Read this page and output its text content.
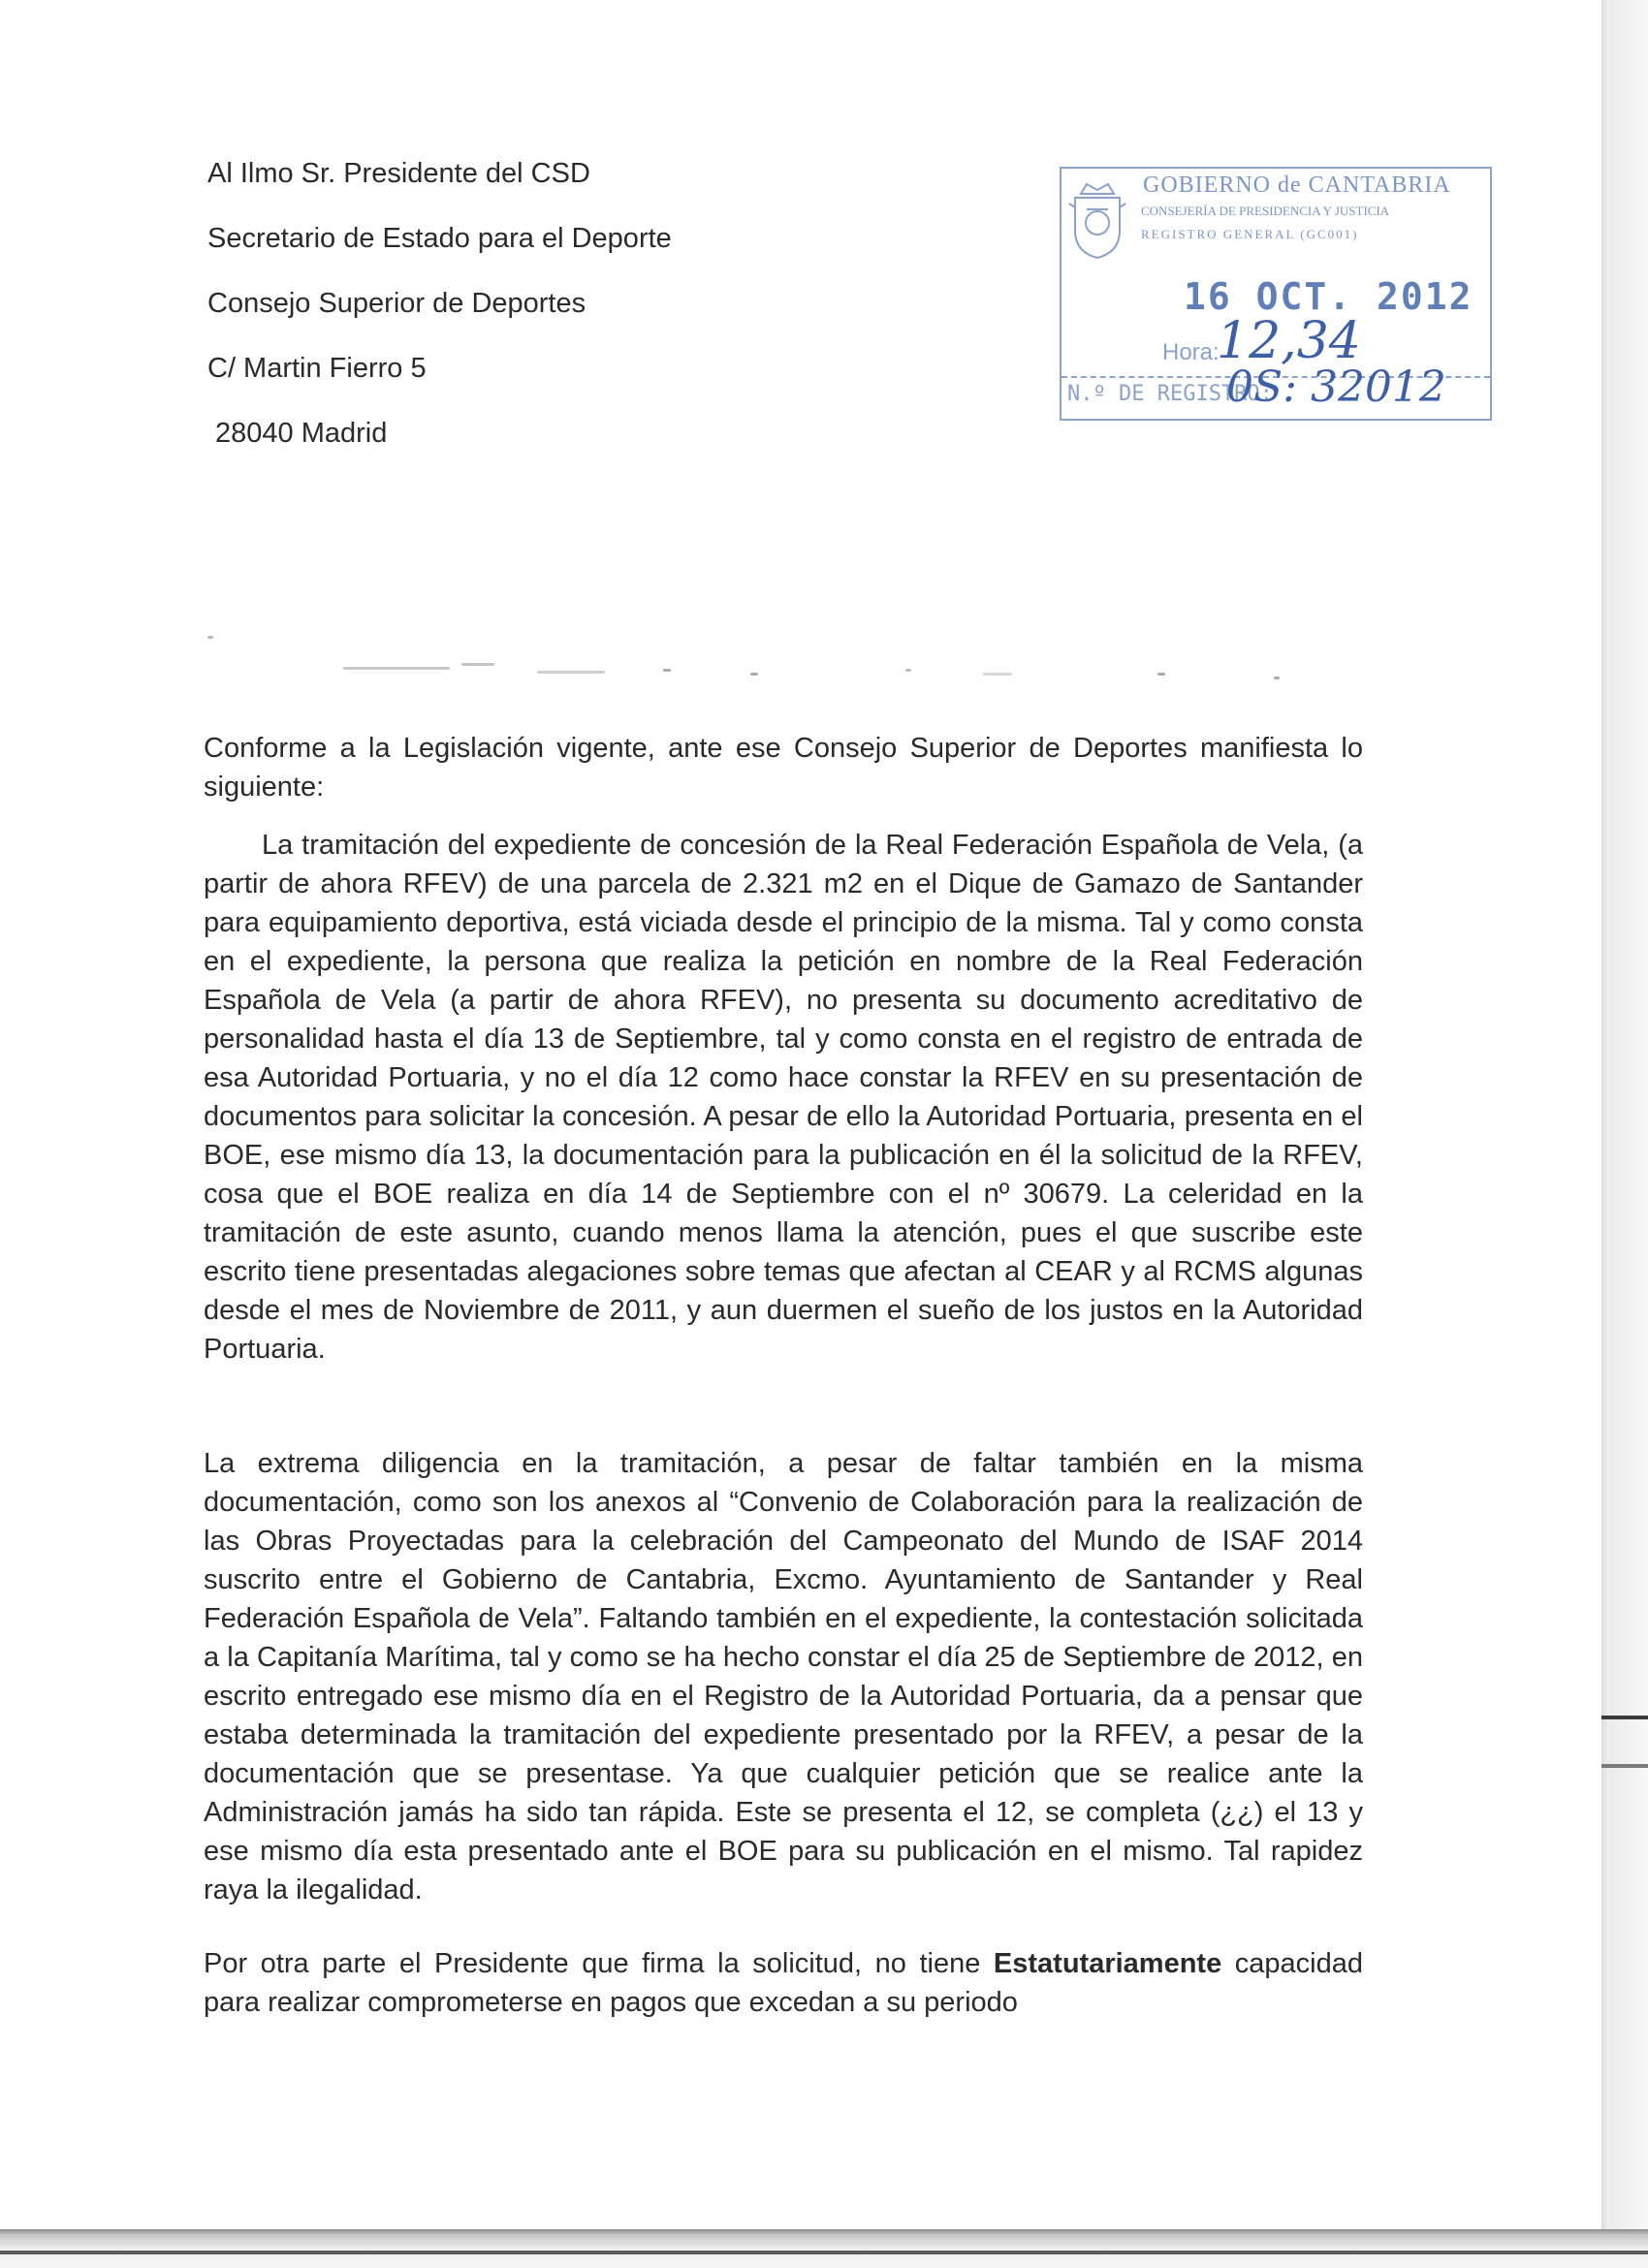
Al Ilmo Sr. Presidente del CSD
Secretario de Estado para el Deporte
Consejo Superior de Deportes
C/ Martin Fierro 5
28040 Madrid
GOBIERNO de CANTABRIA
CONSEJERÍA DE PRESIDENCIA Y JUSTICIA
REGISTRO GENERAL (GC001)
16 OCT. 2012
Hora:
12,34
N.º DE REGISTRO:
0S: 32012
Conforme a la Legislación vigente, ante ese Consejo Superior de Deportes manifiesta lo siguiente:
La tramitación del expediente de concesión de la Real Federación Española de Vela, (a partir de ahora RFEV) de una parcela de 2.321 m2 en el Dique de Gamazo de Santander para equipamiento deportiva, está viciada desde el principio de la misma. Tal y como consta en el expediente, la persona que realiza la petición en nombre de la Real Federación Española de Vela (a partir de ahora RFEV), no presenta su documento acreditativo de personalidad hasta el día 13 de Septiembre, tal y como consta en el registro de entrada de esa Autoridad Portuaria, y no el día 12 como hace constar la RFEV en su presentación de documentos para solicitar la concesión. A pesar de ello la Autoridad Portuaria, presenta en el BOE, ese mismo día 13, la documentación para la publicación en él la solicitud de la RFEV, cosa que el BOE realiza en día 14 de Septiembre con el nº 30679. La celeridad en la tramitación de este asunto, cuando menos llama la atención, pues el que suscribe este escrito tiene presentadas alegaciones sobre temas que afectan al CEAR y al RCMS algunas desde el mes de Noviembre de 2011, y aun duermen el sueño de los justos en la Autoridad Portuaria.
La extrema diligencia en la tramitación, a pesar de faltar también en la misma documentación, como son los anexos al “Convenio de Colaboración para la realización de las Obras Proyectadas para la celebración del Campeonato del Mundo de ISAF 2014 suscrito entre el Gobierno de Cantabria, Excmo. Ayuntamiento de Santander y Real Federación Española de Vela”. Faltando también en el expediente, la contestación solicitada a la Capitanía Marítima, tal y como se ha hecho constar el día 25 de Septiembre de 2012, en escrito entregado ese mismo día en el Registro de la Autoridad Portuaria, da a pensar que estaba determinada la tramitación del expediente presentado por la RFEV, a pesar de la documentación que se presentase. Ya que cualquier petición que se realice ante la Administración jamás ha sido tan rápida. Este se presenta el 12, se completa (¿¿) el 13 y ese mismo día esta presentado ante el BOE para su publicación en el mismo. Tal rapidez raya la ilegalidad.
Por otra parte el Presidente que firma la solicitud, no tiene Estatutariamente capacidad para realizar comprometerse en pagos que excedan a su periodo
